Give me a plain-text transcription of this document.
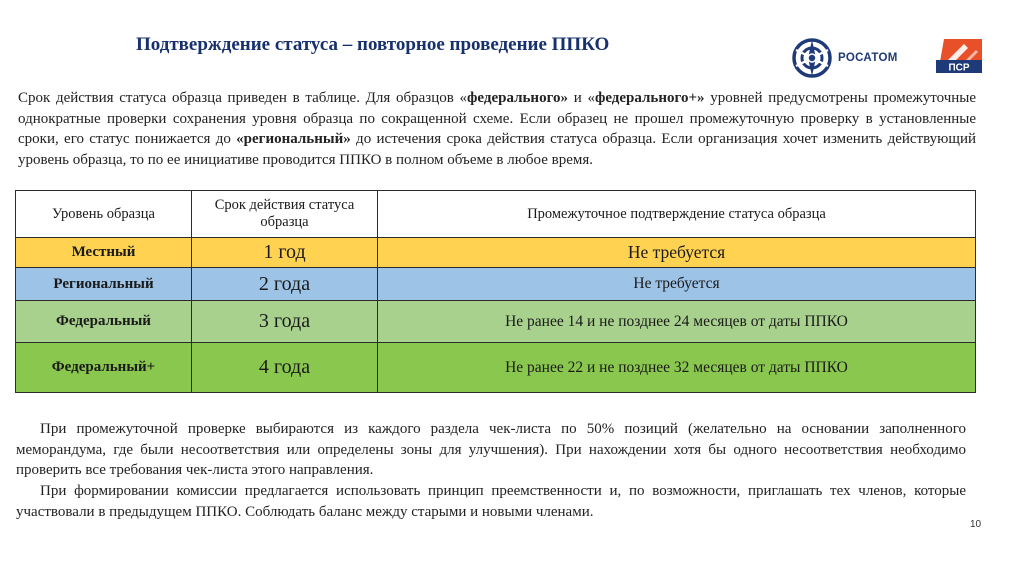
Подтверждение статуса – повторное проведение ППКО
РОСАТОМ
ПСР
Срок действия статуса образца приведен в таблице. Для образцов «федерального» и «федерального+» уровней предусмотрены промежуточные однократные проверки сохранения уровня образца по сокращенной схеме. Если образец не прошел промежуточную проверку в установленные сроки, его статус понижается до «региональный» до истечения срока действия статуса образца. Если организация хочет изменить действующий уровень образца, то по ее инициативе проводится ППКО в полном объеме в любое время.
Уровень образца	Срок действия статуса образца	Промежуточное подтверждение статуса образца
Местный	1 год	Не требуется
Региональный	2 года	Не требуется
Федеральный	3 года	Не ранее 14 и не позднее 24 месяцев от даты ППКО
Федеральный+	4 года	Не ранее 22 и не позднее 32 месяцев от даты ППКО
При промежуточной проверке выбираются из каждого раздела чек-листа по 50% позиций (желательно на основании заполненного меморандума, где были несоответствия или определены зоны для улучшения). При нахождении хотя бы одного несоответствия необходимо проверить все требования чек-листа этого направления.
При формировании комиссии предлагается использовать принцип преемственности и, по возможности, приглашать тех членов, которые участвовали в предыдущем ППКО. Соблюдать баланс между старыми и новыми членами.
10
